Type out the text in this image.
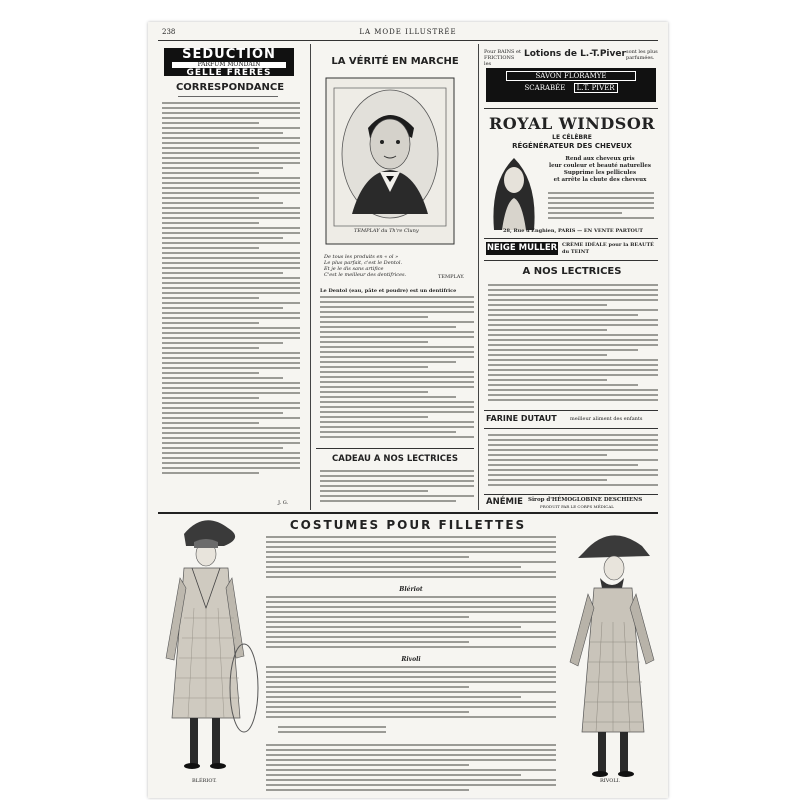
238	LA MODE ILLUSTRÉE
SEDUCTION
PARFUM MONDAIN
GELLÉ FRÈRES
CORRESPONDANCE
J. G.
LA VÉRITÉ EN MARCHE
TEMPLAY du Th're Cluny
De tous les produits en « ol »
Le plus parfait, c'est le Dentol.
Et je le dis sans artifice
C'est le meilleur des dentifrices.	TEMPLAY.
Le Dentol (eau, pâte et poudre) est un dentifrice
CADEAU A NOS LECTRICES
Pour BAINS et FRICTIONS les
Lotions de L.-T.Piver sont les plus parfumées.
SAVON FLORAMYE
SCARABÉE L.T. PIVER
ROYAL WINDSOR
LE CÉLÈBRE
RÉGÉNÉRATEUR DES CHEVEUX
Rend aux cheveux gris
leur couleur et beauté naturelles
Supprime les pellicules
et arrête la chute des cheveux
28, Rue d'Enghien, PARIS — EN VENTE PARTOUT
NEIGE MULLER CRÈME IDÉALE pour la BEAUTÉ du TEINT
A NOS LECTRICES
FARINE DUTAUT	meilleur aliment des enfants
ANÉMIE Sirop d'HÉMOGLOBINE DESCHIENS
PRODUIT PAR LE CORPS MÉDICAL
COSTUMES POUR FILLETTES
BLÉRIOT.	RIVOLI.
Blériot
Rivoli
